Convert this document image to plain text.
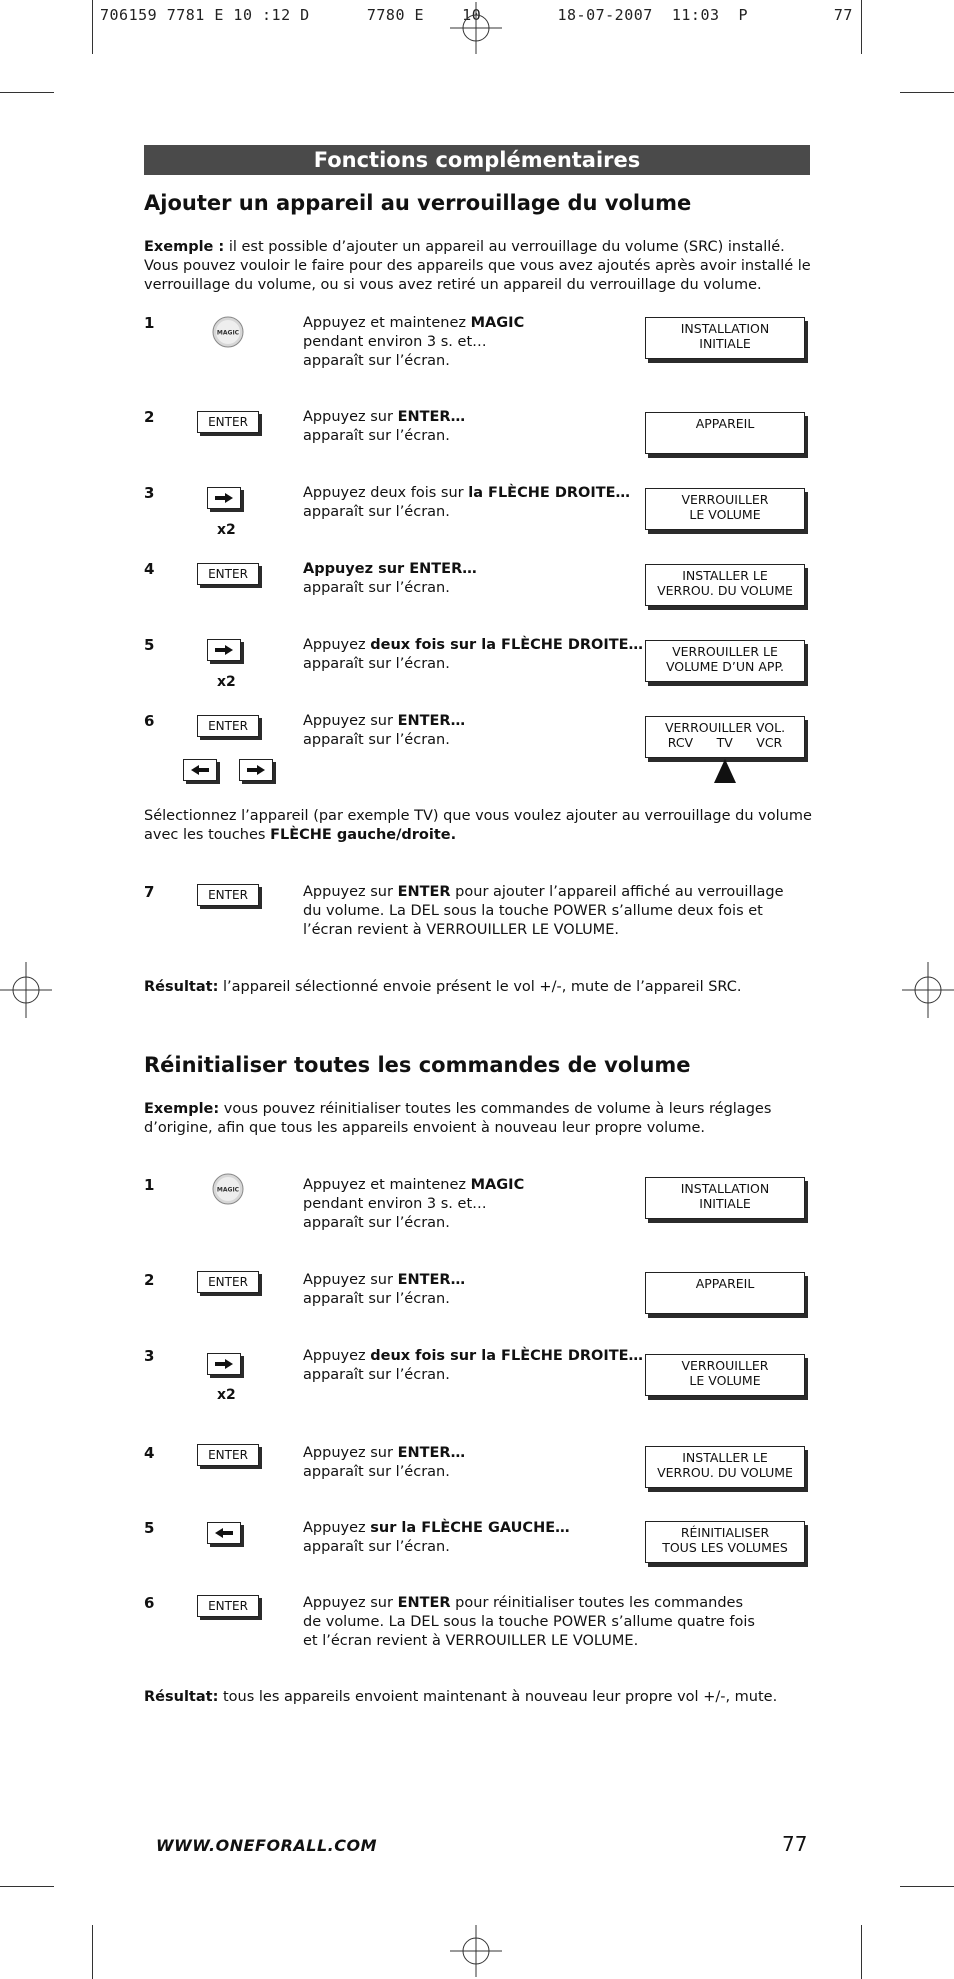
706159 7781 E 10 :12 D      7780 E    10        18-07-2007  11:03  P         77
Fonctions complémentaires
Ajouter un appareil au verrouillage du volume
Exemple : il est possible d’ajouter un appareil au verrouillage du volume (SRC) installé. Vous pouvez vouloir le faire pour des appareils que vous avez ajoutés après avoir installé le verrouillage du volume, ou si vous avez retiré un appareil du verrouillage du volume.
1
MAGIC
Appuyez et maintenez MAGIC
pendant environ 3 s. et…
apparaît sur l’écran.
INSTALLATION
INITIALE
2	ENTER	Appuyez sur ENTER…
apparaît sur l’écran.
APPAREIL
3
x2
Appuyez deux fois sur la FLÈCHE DROITE…
apparaît sur l’écran.
VERROUILLER
LE VOLUME
4	ENTER	Appuyez sur ENTER…
apparaît sur l’écran.
INSTALLER LE
VERROU. DU VOLUME
5
x2
Appuyez deux fois sur la FLÈCHE DROITE…
apparaît sur l’écran.
VERROUILLER LE
VOLUME D’UN APP.
6	ENTER	Appuyez sur ENTER…
apparaît sur l’écran.
VERROUILLER VOL.
RCV TV VCR
Sélectionnez l’appareil (par exemple TV) que vous voulez ajouter au verrouillage du volume avec les touches FLÈCHE gauche/droite.
7	ENTER	Appuyez sur ENTER pour ajouter l’appareil affiché au verrouillage
du volume. La DEL sous la touche POWER s’allume deux fois et
l’écran revient à VERROUILLER LE VOLUME.
Résultat: l’appareil sélectionné envoie présent le vol +/-, mute de l’appareil SRC.
Réinitialiser toutes les commandes de volume
Exemple: vous pouvez réinitialiser toutes les commandes de volume à leurs réglages d’origine, afin que tous les appareils envoient à nouveau leur propre volume.
1	MAGIC	Appuyez et maintenez MAGIC
pendant environ 3 s. et…
apparaît sur l’écran.
INSTALLATION
INITIALE
2	ENTER	Appuyez sur ENTER…
apparaît sur l’écran.
APPAREIL
3
x2
Appuyez deux fois sur la FLÈCHE DROITE…
apparaît sur l’écran.
VERROUILLER
LE VOLUME
4	ENTER	Appuyez sur ENTER…
apparaît sur l’écran.
INSTALLER LE
VERROU. DU VOLUME
5	Appuyez sur la FLÈCHE GAUCHE…
apparaît sur l’écran.
RÉINITIALISER
TOUS LES VOLUMES
6	ENTER	Appuyez sur ENTER pour réinitialiser toutes les commandes
de volume. La DEL sous la touche POWER s’allume quatre fois
et l’écran revient à VERROUILLER LE VOLUME.
Résultat: tous les appareils envoient maintenant à nouveau leur propre vol +/-, mute.
WWW.ONEFORALL.COM	77
